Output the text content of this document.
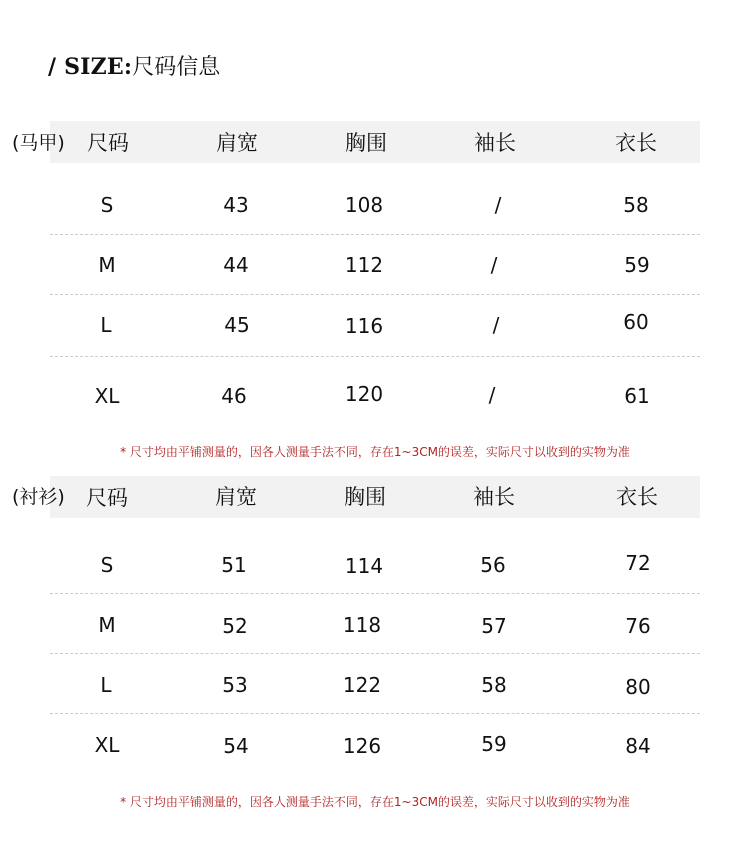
/ SIZE:尺码信息
(马甲) 尺码	肩宽	胸围	袖长	衣长
S	43	108	/	58
M	44	112	/	59
L	45	116	/	60
XL	46	120	/	61
* 尺寸均由平铺测量的，因各人测量手法不同，存在1~3CM的误差，实际尺寸以收到的实物为准
(衬衫) 尺码	肩宽	胸围	袖长	衣长
S	51	114	56	72
M	52	118	57	76
L	53	122	58	80
XL	54	126	59	84
* 尺寸均由平铺测量的，因各人测量手法不同，存在1~3CM的误差，实际尺寸以收到的实物为准
